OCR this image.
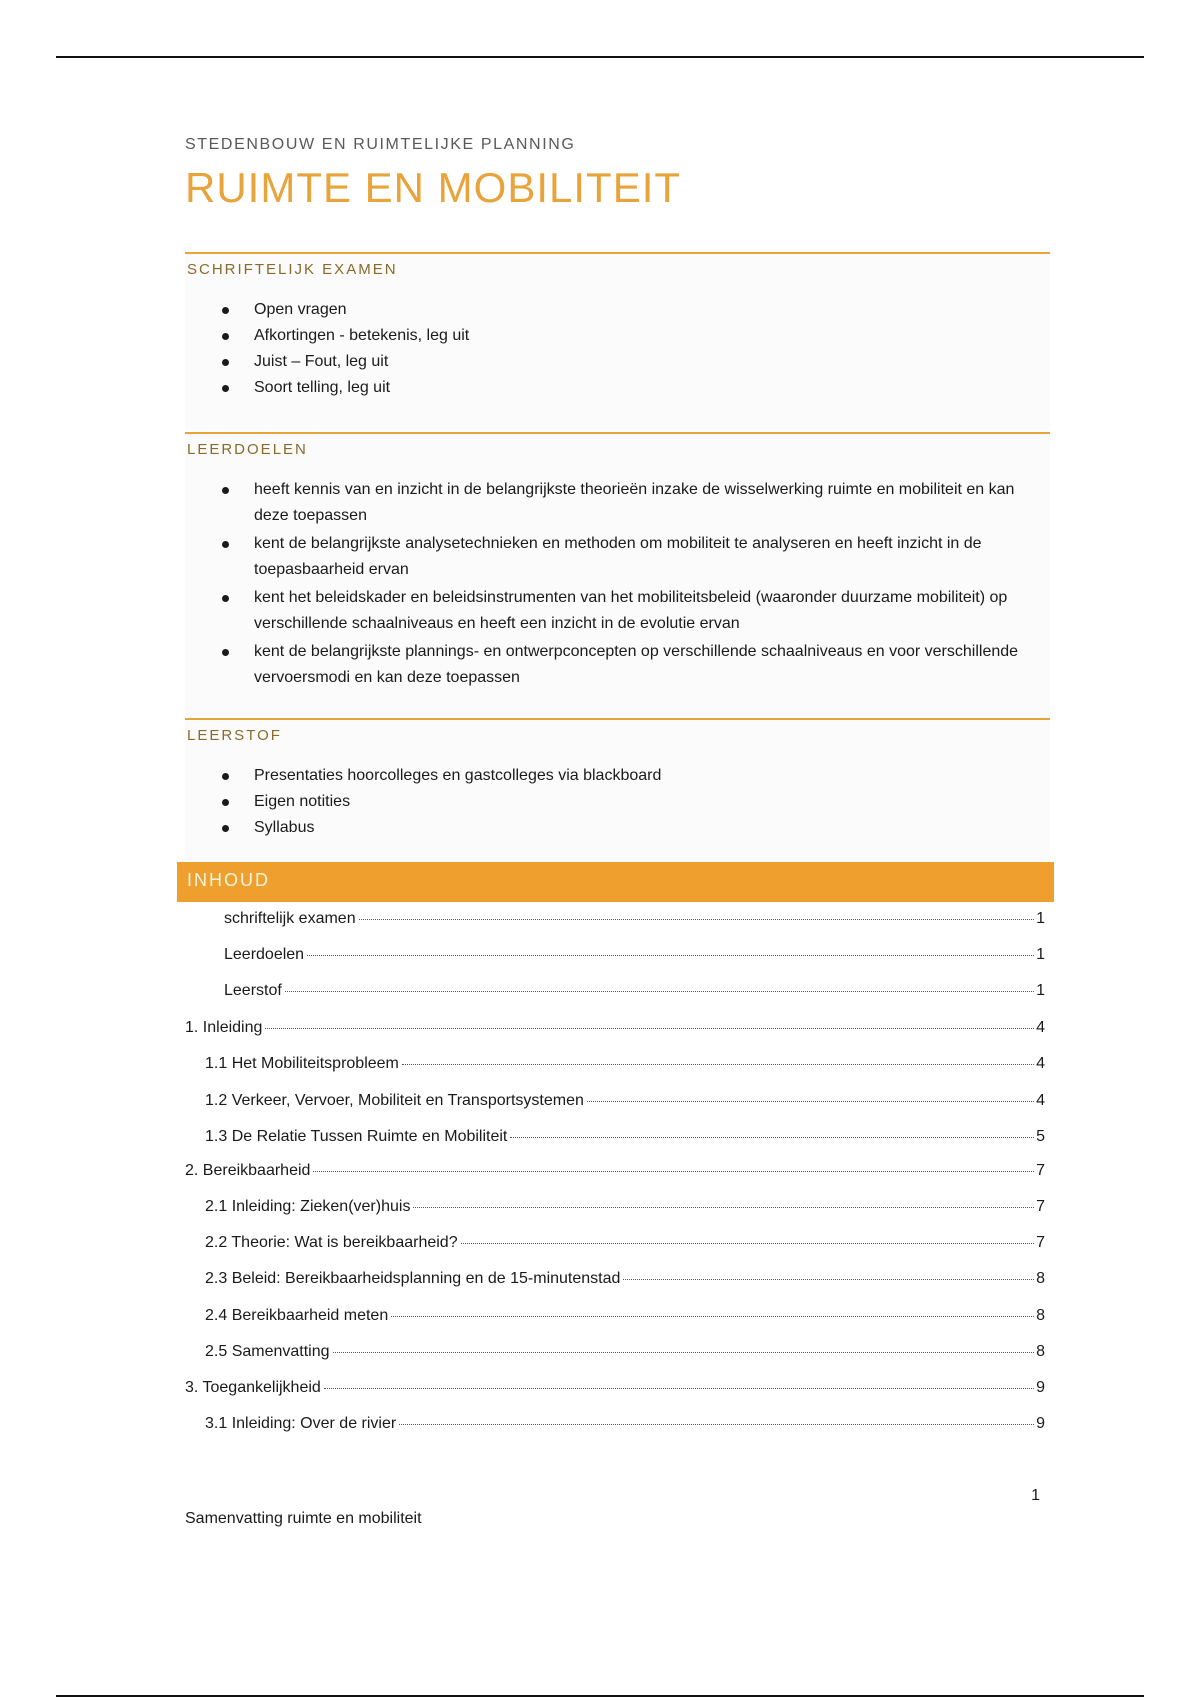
STEDENBOUW EN RUIMTELIJKE PLANNING
RUIMTE EN MOBILITEIT
SCHRIFTELIJK EXAMEN
Open vragen
Afkortingen - betekenis, leg uit
Juist – Fout, leg uit
Soort telling, leg uit
LEERDOELEN
heeft kennis van en inzicht in de belangrijkste theorieën inzake de wisselwerking ruimte en mobiliteit en kan deze toepassen
kent de belangrijkste analysetechnieken en methoden om mobiliteit te analyseren en heeft inzicht in de toepasbaarheid ervan
kent het beleidskader en beleidsinstrumenten van het mobiliteitsbeleid (waaronder duurzame mobiliteit) op verschillende schaalniveaus en heeft een inzicht in de evolutie ervan
kent de belangrijkste plannings- en ontwerpconcepten op verschillende schaalniveaus en voor verschillende vervoersmodi en kan deze toepassen
LEERSTOF
Presentaties hoorcolleges en gastcolleges via blackboard
Eigen notities
Syllabus
INHOUD
schriftelijk examen	1
Leerdoelen	1
Leerstof	1
1. Inleiding	4
1.1 Het Mobiliteitsprobleem	4
1.2 Verkeer, Vervoer, Mobiliteit en Transportsystemen	4
1.3 De Relatie Tussen Ruimte en Mobiliteit	5
2. Bereikbaarheid	7
2.1 Inleiding: Zieken(ver)huis	7
2.2 Theorie: Wat is bereikbaarheid?	7
2.3 Beleid: Bereikbaarheidsplanning en de 15-minutenstad	8
2.4 Bereikbaarheid meten	8
2.5 Samenvatting	8
3. Toegankelijkheid	9
3.1 Inleiding: Over de rivier	9
1
Samenvatting ruimte en mobiliteit
